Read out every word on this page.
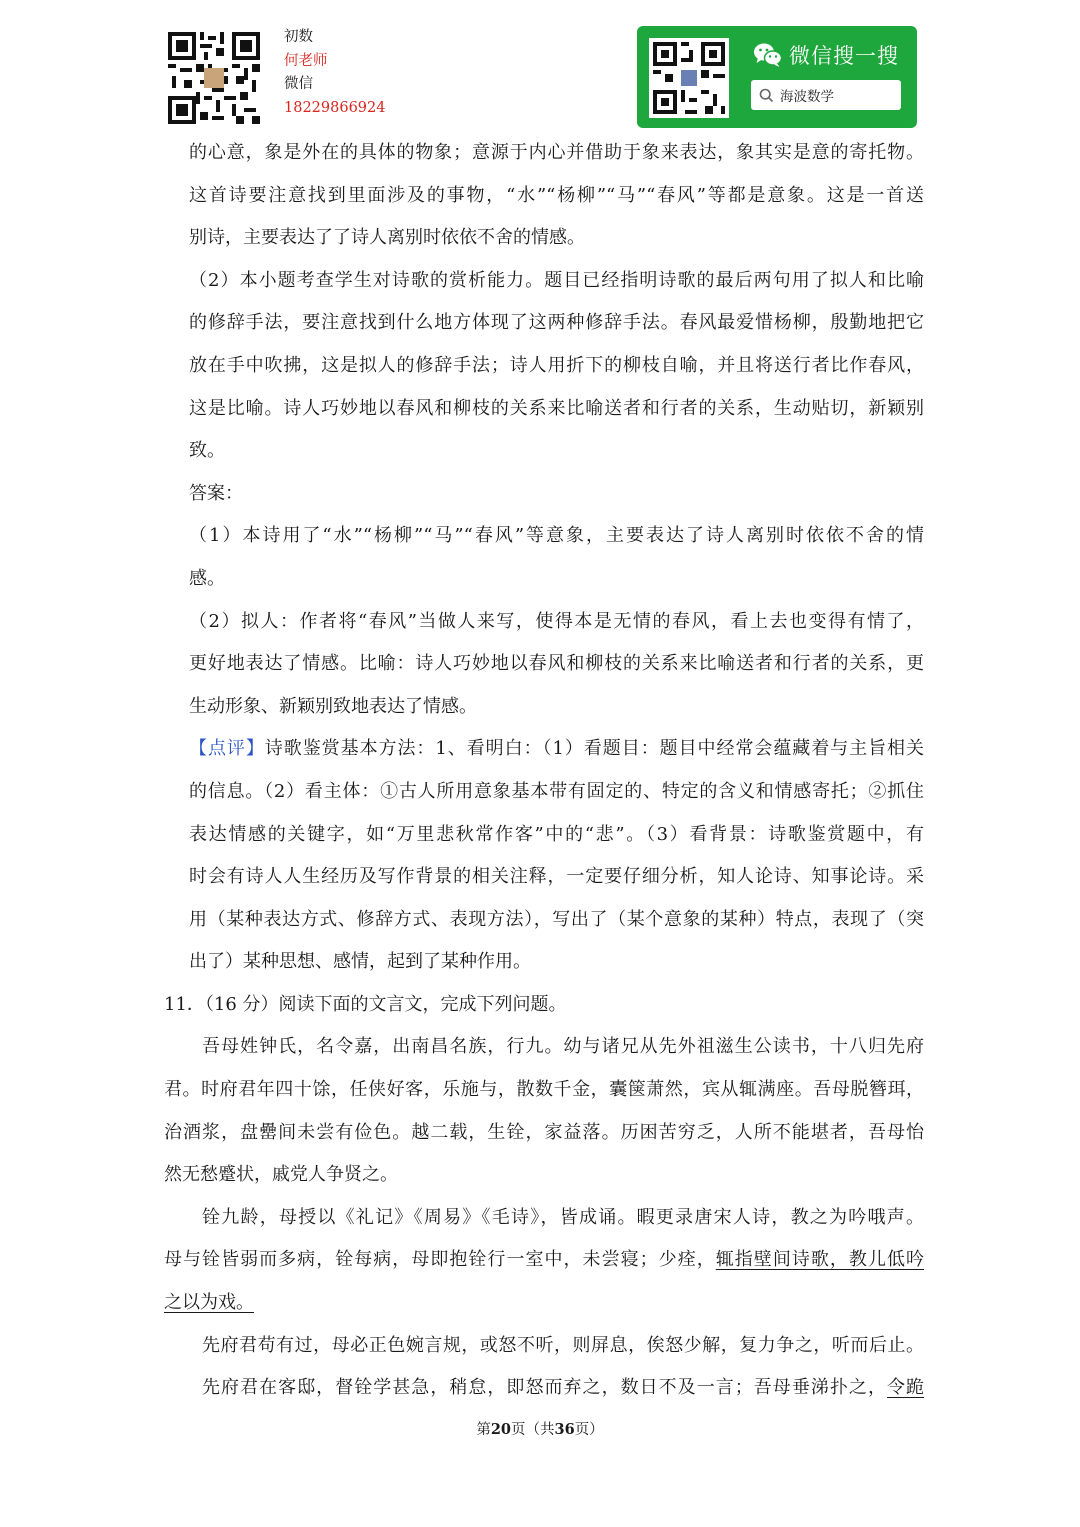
初数
何老师
微信
18229866924
微信搜一搜
海波数学
的心意，象是外在的具体的物象；意源于内心并借助于象来表达，象其实是意的寄托物。
这首诗要注意找到里面涉及的事物，“水”“杨柳”“马”“春风”等都是意象。这是一首送
别诗，主要表达了了诗人离别时依依不舍的情感。
（2）本小题考查学生对诗歌的赏析能力。题目已经指明诗歌的最后两句用了拟人和比喻
的修辞手法，要注意找到什么地方体现了这两种修辞手法。春风最爱惜杨柳，殷勤地把它
放在手中吹拂，这是拟人的修辞手法；诗人用折下的柳枝自喻，并且将送行者比作春风，
这是比喻。诗人巧妙地以春风和柳枝的关系来比喻送者和行者的关系，生动贴切，新颖别
致。
答案：
（1）本诗用了“水”“杨柳”“马”“春风”等意象，主要表达了诗人离别时依依不舍的情
感。
（2）拟人：作者将“春风”当做人来写，使得本是无情的春风，看上去也变得有情了，
更好地表达了情感。比喻：诗人巧妙地以春风和柳枝的关系来比喻送者和行者的关系，更
生动形象、新颖别致地表达了情感。
【点评】诗歌鉴赏基本方法：1、看明白：（1）看题目：题目中经常会蕴藏着与主旨相关
的信息。（2）看主体：①古人所用意象基本带有固定的、特定的含义和情感寄托；②抓住
表达情感的关键字，如“万里悲秋常作客”中的“悲”。（3）看背景：诗歌鉴赏题中，有
时会有诗人人生经历及写作背景的相关注释，一定要仔细分析，知人论诗、知事论诗。采
用（某种表达方式、修辞方式、表现方法），写出了（某个意象的某种）特点，表现了（突
出了）某种思想、感情，起到了某种作用。
11．（16 分）阅读下面的文言文，完成下列问题。
吾母姓钟氏，名令嘉，出南昌名族，行九。幼与诸兄从先外祖滋生公读书，十八归先府
君。时府君年四十馀，任侠好客，乐施与，散数千金，囊箧萧然，宾从辄满座。吾母脱簪珥，
治酒浆，盘罍间未尝有俭色。越二载，生铨，家益落。历困苦穷乏，人所不能堪者，吾母怡
然无愁蹙状，戚党人争贤之。
铨九龄，母授以《礼记》《周易》《毛诗》，皆成诵。暇更录唐宋人诗，教之为吟哦声。
母与铨皆弱而多病，铨每病，母即抱铨行一室中，未尝寝；少痊，辄指壁间诗歌，教儿低吟
之以为戏。
先府君苟有过，母必正色婉言规，或怒不听，则屏息，俟怒少解，复力争之，听而后止。
先府君在客邸，督铨学甚急，稍怠，即怒而弃之，数日不及一言；吾母垂涕扑之，令跪
第20页（共36页）
